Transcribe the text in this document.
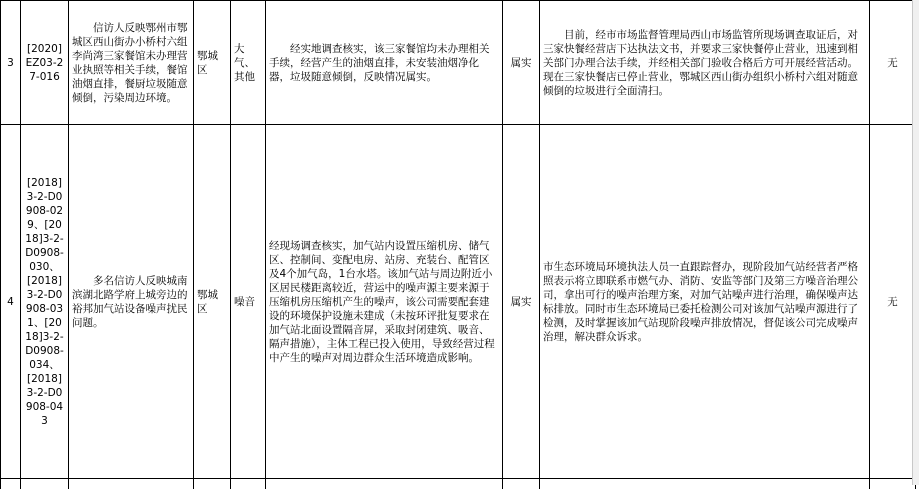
3	[2020]EZ03-27-016	信访人反映鄂州市鄂城区西山街办小桥村六组李尚湾三家餐馆未办理营业执照等相关手续，餐馆油烟直排，餐厨垃圾随意倾倒，污染周边环境。	鄂城区	大气、其他	经实地调查核实，该三家餐馆均未办理相关手续，经营产生的油烟直排，未安装油烟净化器，垃圾随意倾倒，反映情况属实。	属实	目前，经市市场监督管理局西山市场监管所现场调查取证后，对三家快餐经营店下达执法文书，并要求三家快餐停止营业，迅速到相关部门办理合法手续，并经相关部门验收合格后方可开展经营活动。现在三家快餐店已停止营业，鄂城区西山街办组织小桥村六组对随意倾倒的垃圾进行全面清扫。	无
4	[2018]3-2-D0908-029、[2018]3-2-D0908-030、[2018]3-2-D0908-031、[2018]3-2-D0908-034、[2018]3-2-D0908-043	多名信访人反映城南滨湖北路学府上城旁边的裕邦加气站设备噪声扰民问题。	鄂城区	噪音	经现场调查核实，加气站内设置压缩机房、储气区、控制间、变配电房、站房、充装台、配管区及4个加气岛，1台水塔。该加气站与周边附近小区居民楼距离较近，营运中的噪声源主要来源于压缩机房压缩机产生的噪声，该公司需要配套建设的环境保护设施未建成（未按环评批复要求在加气站北面设置隔音屏，采取封闭建筑、吸音、隔声措施），主体工程已投入使用，导致经营过程中产生的噪声对周边群众生活环境造成影响。	属实	市生态环境局环境执法人员一直跟踪督办，现阶段加气站经营者严格照表示将立即联系市燃气办、消防、安监等部门及第三方噪音治理公司，拿出可行的噪声治理方案，对加气站噪声进行治理，确保噪声达标排放。同时市生态环境局已委托检测公司对该加气站噪声源进行了检测，及时掌握该加气站现阶段噪声排放情况，督促该公司完成噪声治理，解决群众诉求。	无
